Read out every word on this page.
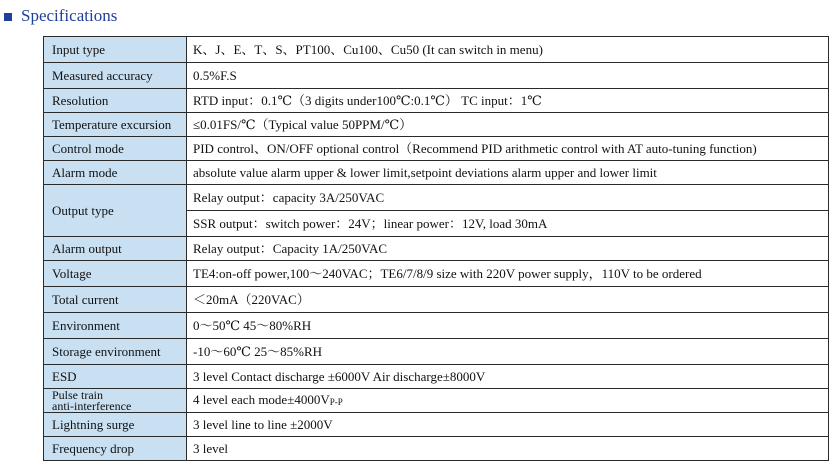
Specifications
Input type	K、J、E、T、S、PT100、Cu100、Cu50 (It can switch in menu)
Measured accuracy	0.5%F.S
Resolution	RTD input：0.1℃（3 digits under100℃:0.1℃） TC input：1℃
Temperature excursion	≤0.01FS/℃（Typical value 50PPM/℃）
Control mode	PID control、ON/OFF optional control（Recommend PID arithmetic control with AT auto-tuning function)
Alarm mode	absolute value alarm upper & lower limit,setpoint deviations alarm upper and lower limit
Output type	Relay output：capacity 3A/250VAC
	SSR output：switch power：24V；linear power：12V, load 30mA
Alarm output	Relay output：Capacity 1A/250VAC
Voltage	TE4:on-off power,100～240VAC；TE6/7/8/9 size with 220V power supply，110V to be ordered
Total current	＜20mA（220VAC）
Environment	0～50℃ 45～80%RH
Storage environment	-10～60℃ 25～85%RH
ESD	3 level Contact discharge ±6000V Air discharge±8000V
Pulse train
anti-interference	4 level each $mode\pm 4000V_{P-P}$
Lightning surge	3 level line to line ±2000V
Frequency drop	3 level
